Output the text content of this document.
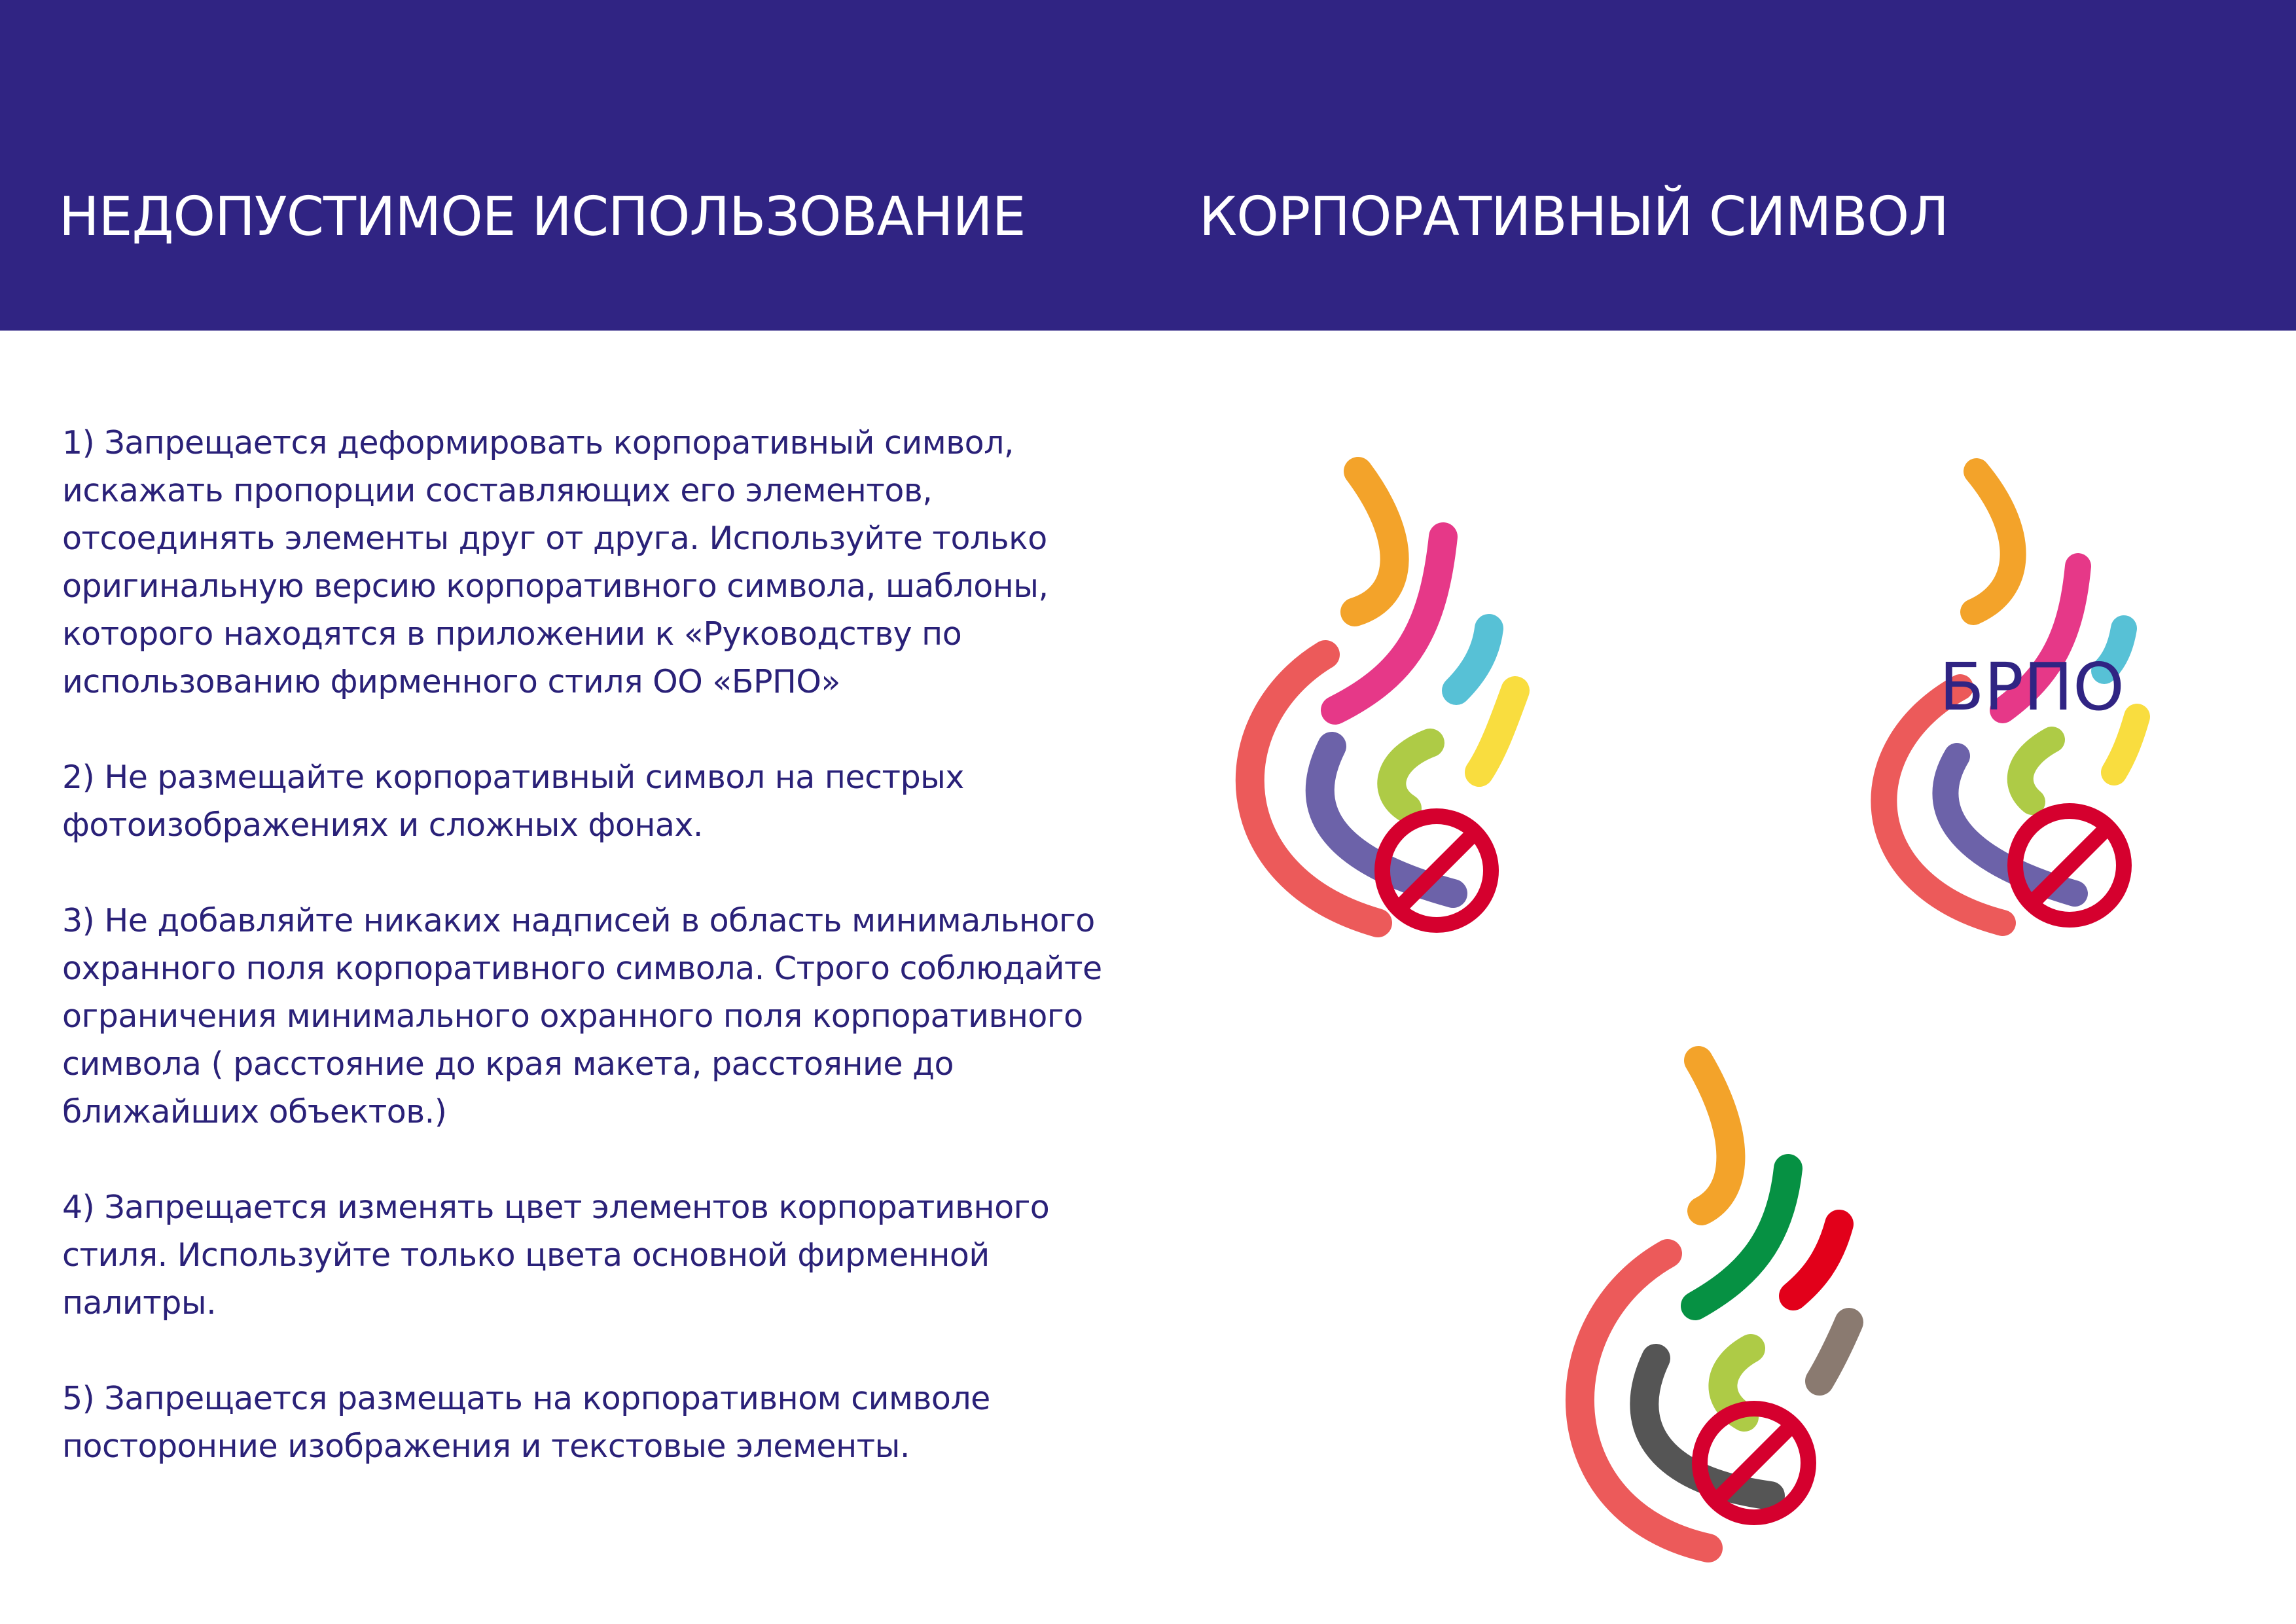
НЕДОПУСТИМОЕ ИСПОЛЬЗОВАНИЕ	КОРПОРАТИВНЫЙ СИМВОЛ

1) Запрещается деформировать корпоративный символ, искажать пропорции составляющих его элементов, отсоединять элементы друг от друга. Используйте только оригинальную версию корпоративного символа, шаблоны, которого находятся в приложении к «Руководству по использованию фирменного стиля ОО «БРПО»

2) Не размещайте корпоративный символ на пестрых фотоизображениях и сложных фонах.

3) Не добавляйте никаких надписей в область минимального охранного поля корпоративного символа. Строго соблюдайте ограничения минимального охранного поля корпоративного символа ( расстояние до края макета, расстояние до ближайших объектов.)

4) Запрещается изменять цвет элементов корпоративного стиля. Используйте только цвета основной фирменной палитры.

5) Запрещается размещать на корпоративном символе посторонние изображения и текстовые элементы.

БРПО
